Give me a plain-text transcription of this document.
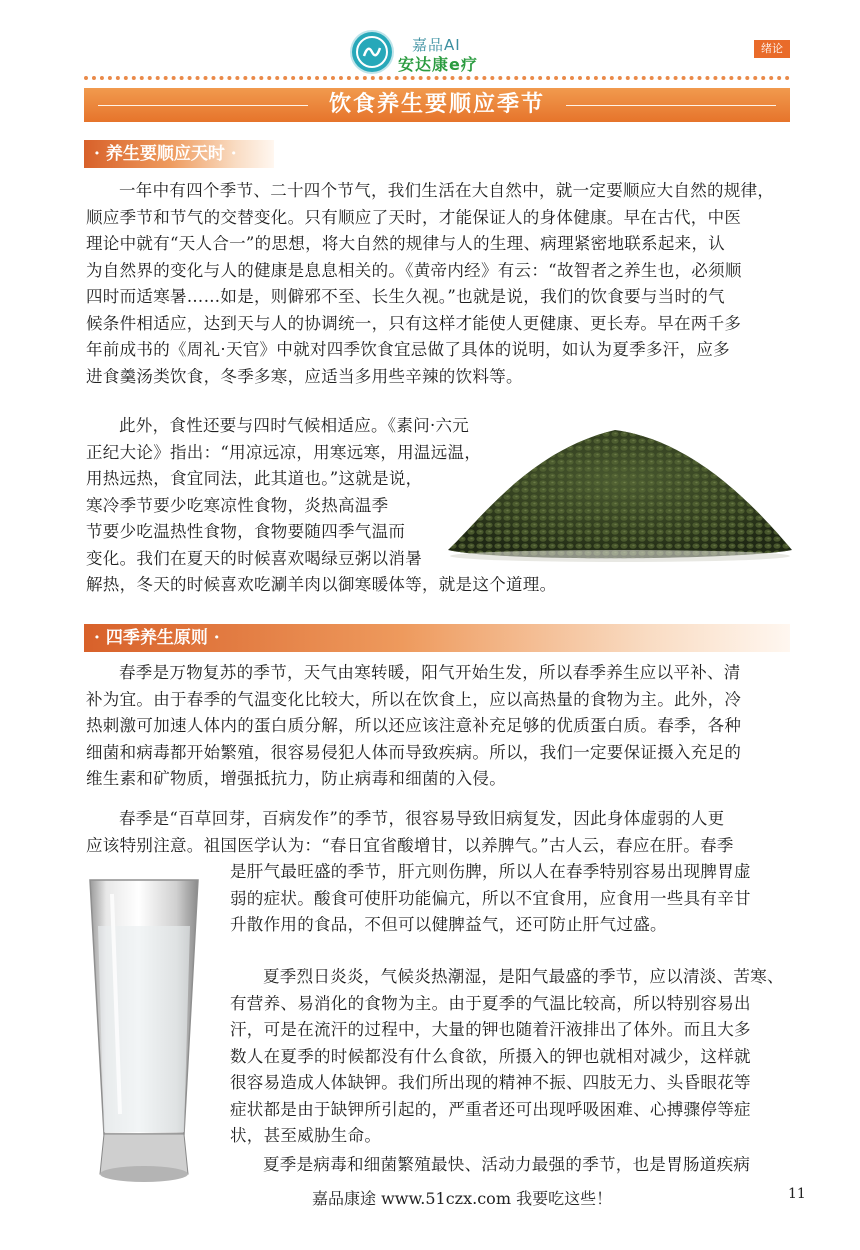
嘉品AI
安达康e疗
绪论
饮食养生要顺应季节
· 养生要顺应天时 ·

一年中有四个季节、二十四个节气，我们生活在大自然中，就一定要顺应大自然的规律，

顺应季节和节气的交替变化。只有顺应了天时，才能保证人的身体健康。早在古代，中医

理论中就有“天人合一”的思想，将大自然的规律与人的生理、病理紧密地联系起来，认

为自然界的变化与人的健康是息息相关的。《黄帝内经》有云：“故智者之养生也，必须顺

四时而适寒暑……如是，则僻邪不至、长生久视。”也就是说，我们的饮食要与当时的气

候条件相适应，达到天与人的协调统一，只有这样才能使人更健康、更长寿。早在两千多

年前成书的《周礼·天官》中就对四季饮食宜忌做了具体的说明，如认为夏季多汗，应多

进食羹汤类饮食，冬季多寒，应适当多用些辛辣的饮料等。

此外，食性还要与四时气候相适应。《素问·六元

正纪大论》指出：“用凉远凉，用寒远寒，用温远温，

用热远热，食宜同法，此其道也。”这就是说，

寒冷季节要少吃寒凉性食物，炎热高温季

节要少吃温热性食物，食物要随四季气温而

变化。我们在夏天的时候喜欢喝绿豆粥以消暑

解热，冬天的时候喜欢吃涮羊肉以御寒暖体等，就是这个道理。

· 四季养生原则 ·

春季是万物复苏的季节，天气由寒转暖，阳气开始生发，所以春季养生应以平补、清

补为宜。由于春季的气温变化比较大，所以在饮食上，应以高热量的食物为主。此外，冷

热刺激可加速人体内的蛋白质分解，所以还应该注意补充足够的优质蛋白质。春季，各种

细菌和病毒都开始繁殖，很容易侵犯人体而导致疾病。所以，我们一定要保证摄入充足的

维生素和矿物质，增强抵抗力，防止病毒和细菌的入侵。

春季是“百草回芽，百病发作”的季节，很容易导致旧病复发，因此身体虚弱的人更

应该特别注意。祖国医学认为：“春日宜省酸增甘，以养脾气。”古人云，春应在肝。春季

是肝气最旺盛的季节，肝亢则伤脾，所以人在春季特别容易出现脾胃虚

弱的症状。酸食可使肝功能偏亢，所以不宜食用，应食用一些具有辛甘

升散作用的食品，不但可以健脾益气，还可防止肝气过盛。

夏季烈日炎炎，气候炎热潮湿，是阳气最盛的季节，应以清淡、苦寒、

有营养、易消化的食物为主。由于夏季的气温比较高，所以特别容易出

汗，可是在流汗的过程中，大量的钾也随着汗液排出了体外。而且大多

数人在夏季的时候都没有什么食欲，所摄入的钾也就相对减少，这样就

很容易造成人体缺钾。我们所出现的精神不振、四肢无力、头昏眼花等

症状都是由于缺钾所引起的，严重者还可出现呼吸困难、心搏骤停等症

状，甚至威胁生命。

夏季是病毒和细菌繁殖最快、活动力最强的季节，也是胃肠道疾病

嘉品康途 www.51czx.com 我要吃这些！	11
